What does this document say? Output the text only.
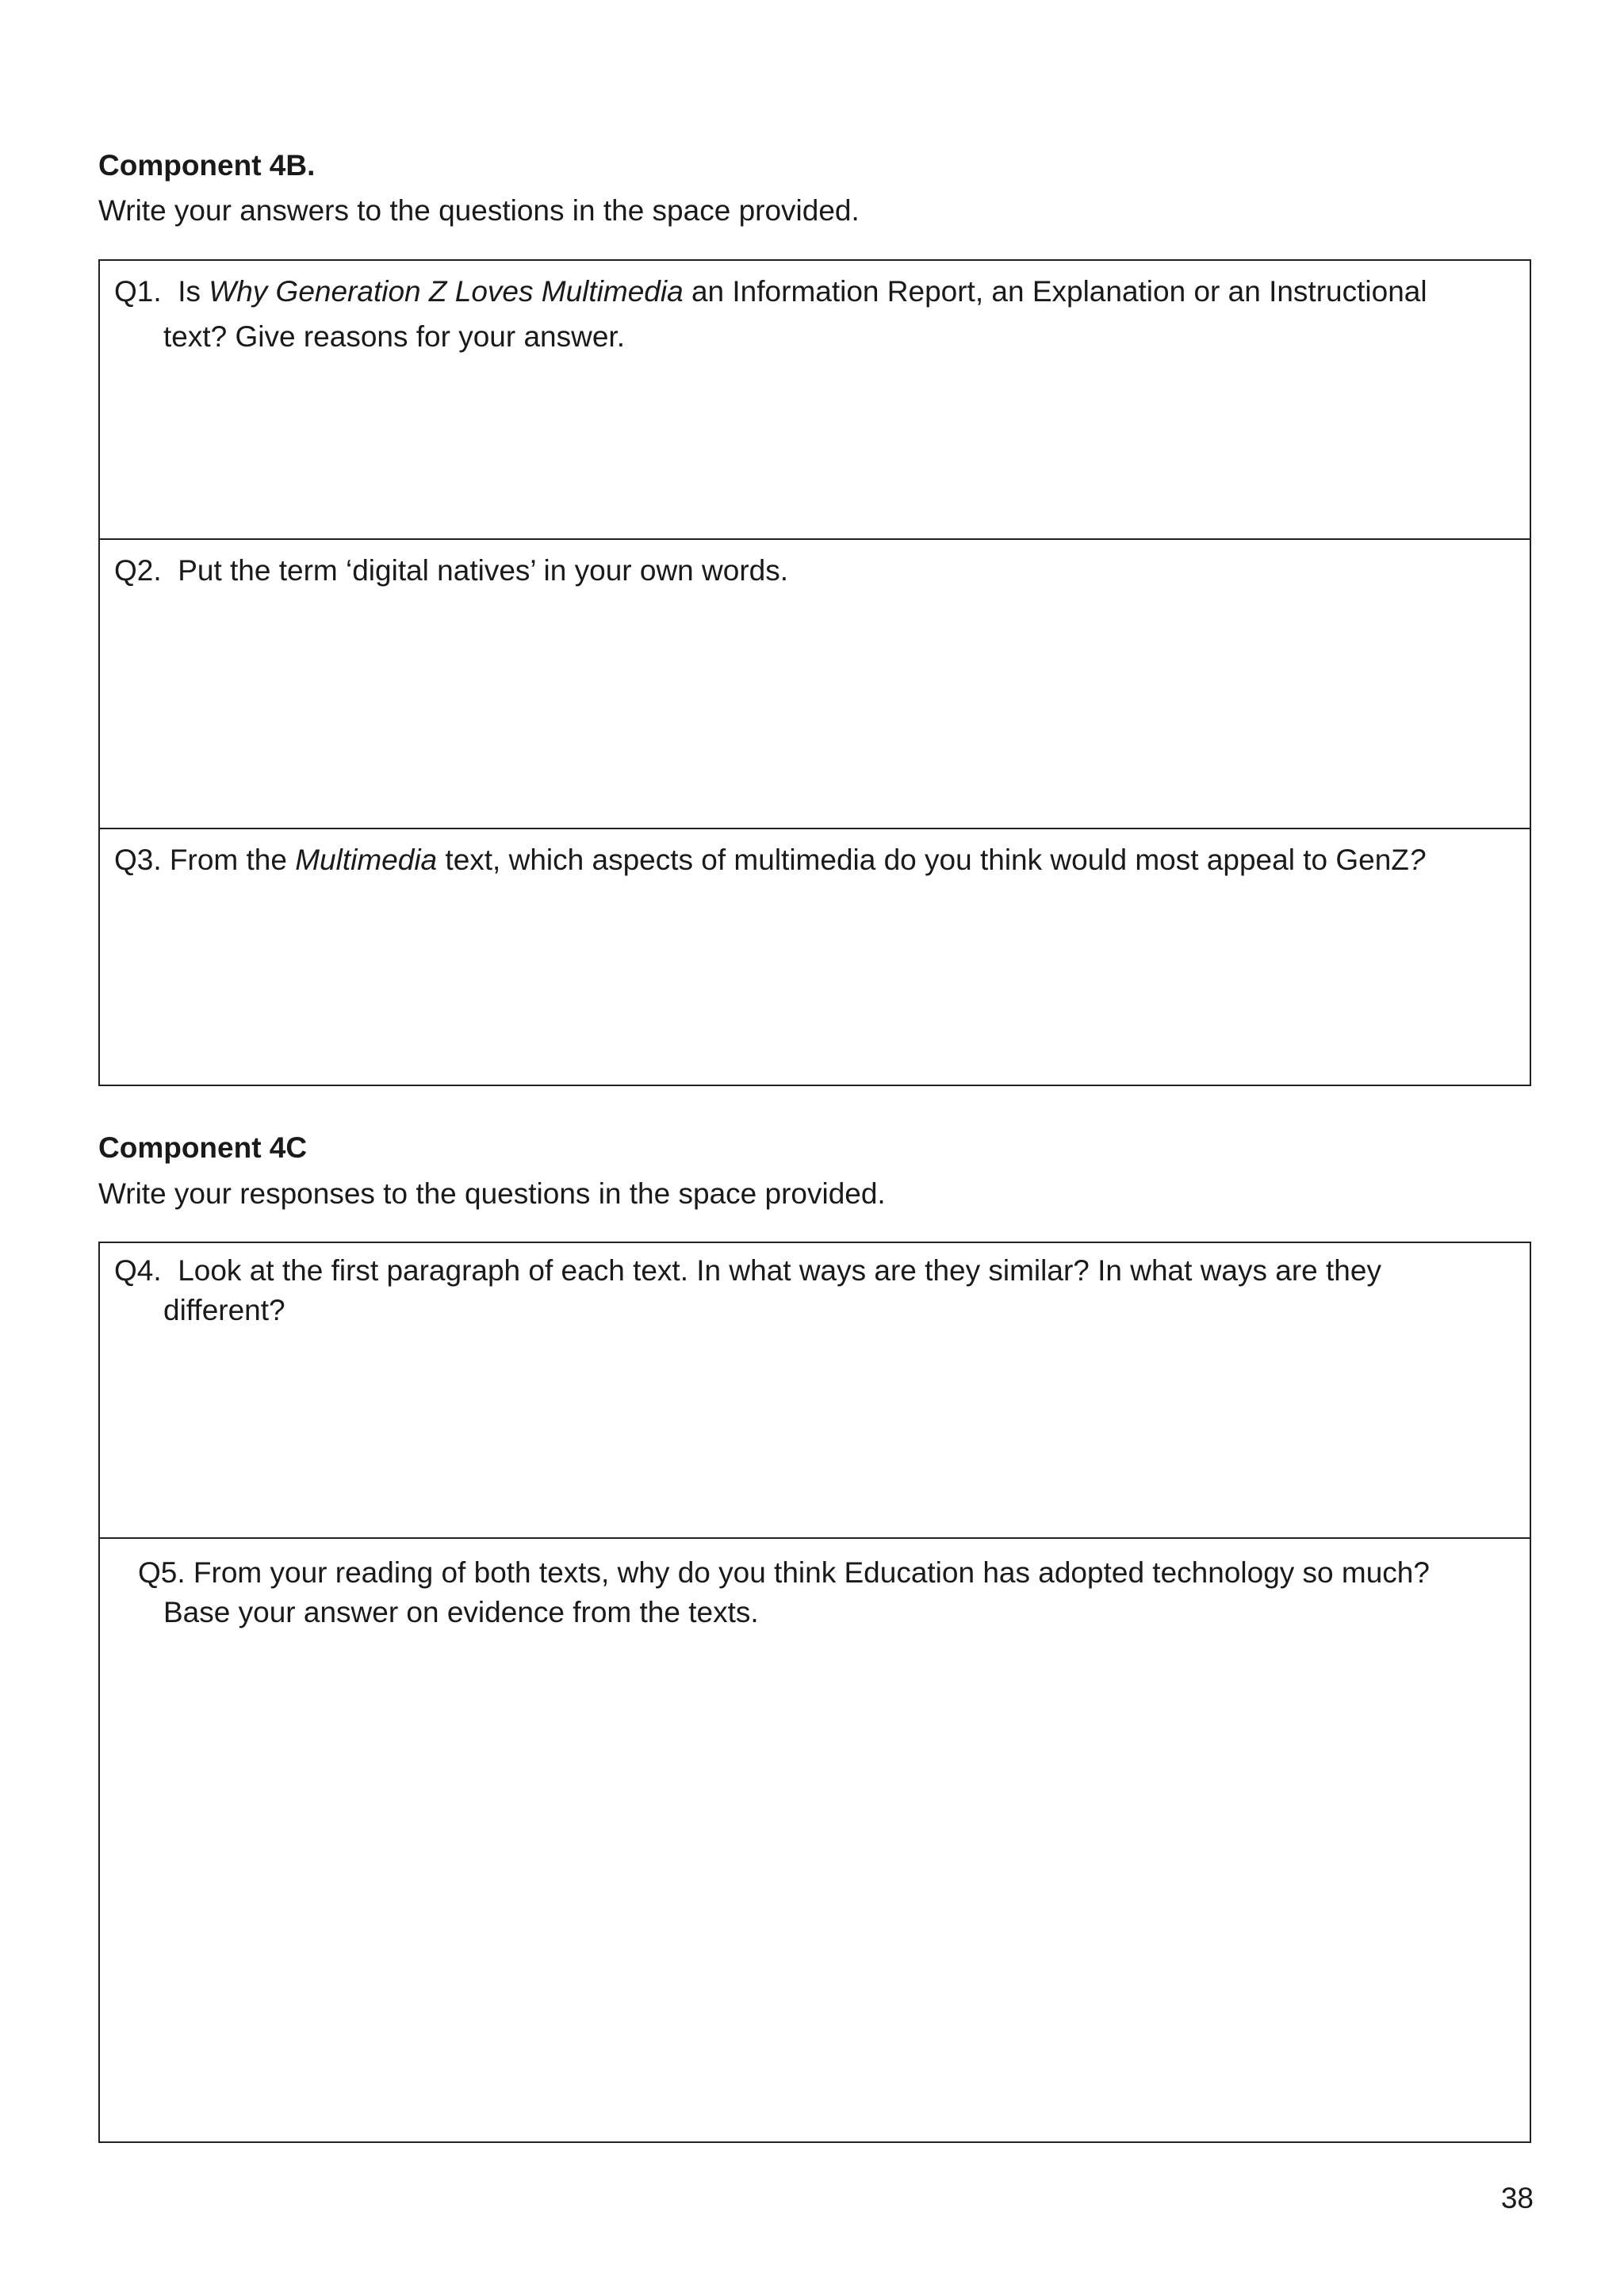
Component 4B.
Write your answers to the questions in the space provided.
Q1. Is Why Generation Z Loves Multimedia an Information Report, an Explanation or an Instructional
text? Give reasons for your answer.
Q2. Put the term ‘digital natives’ in your own words.
Q3. From the Multimedia text, which aspects of multimedia do you think would most appeal to GenZ?
Component 4C
Write your responses to the questions in the space provided.
Q4. Look at the first paragraph of each text. In what ways are they similar? In what ways are they
different?
Q5. From your reading of both texts, why do you think Education has adopted technology so much?
Base your answer on evidence from the texts.
38
